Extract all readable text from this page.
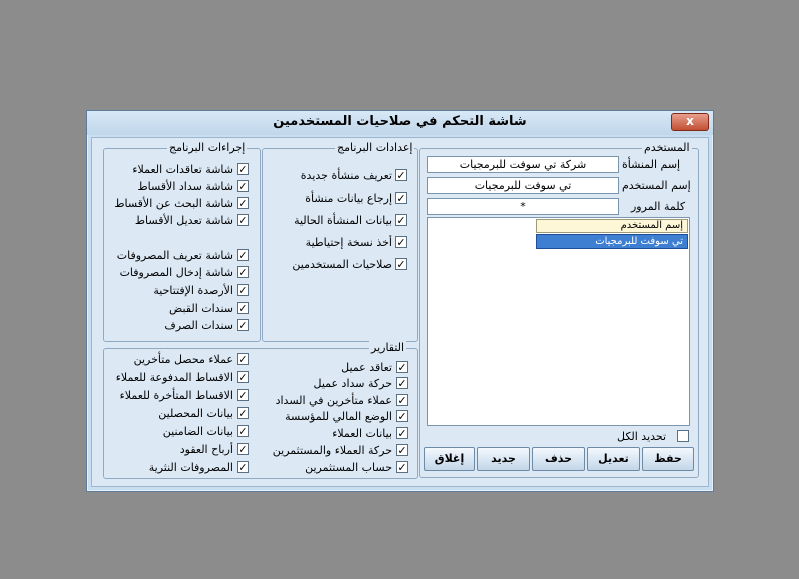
شاشة التحكم في صلاحيات المستخدمين	x
المستخدم
إسم المنشأة
شركة تي سوفت للبرمجيات
إسم المستخدم
تي سوفت للبرمجيات
كلمة المرور
*
إسم المستخدم
تي سوفت للبرمجيات
تحديد الكل
حفظ
تعديل
حذف
جديد
إغلاق
إعدادات البرنامج
✓
تعريف منشأة جديدة
✓
إرجاع بيانات منشأة
✓
بيانات المنشأة الحالية
✓
أخذ نسخة إحتياطية
✓
صلاحيات المستخدمين
إجراءات البرنامج
✓
شاشة تعاقدات العملاء
✓
شاشة سداد الأقساط
✓
شاشة البحث عن الأقساط
✓
شاشة تعديل الأقساط
✓
شاشة تعريف المصروفات
✓
شاشة إدخال المصروفات
✓
الأرصدة الإفتتاحية
✓
سندات القبض
✓
سندات الصرف
التقارير
✓
تعاقد عميل
✓
حركة سداد عميل
✓
عملاء متأخرين في السداد
✓
الوضع المالي للمؤسسة
✓
بيانات العملاء
✓
حركة العملاء والمستثمرين
✓
حساب المستثمرين
✓
عملاء محصل متأخرين
✓
الاقساط المدفوعة للعملاء
✓
الاقساط المتأخرة للعملاء
✓
بيانات المحصلين
✓
بيانات الضامنين
✓
أرباح العقود
✓
المصروفات النثرية
